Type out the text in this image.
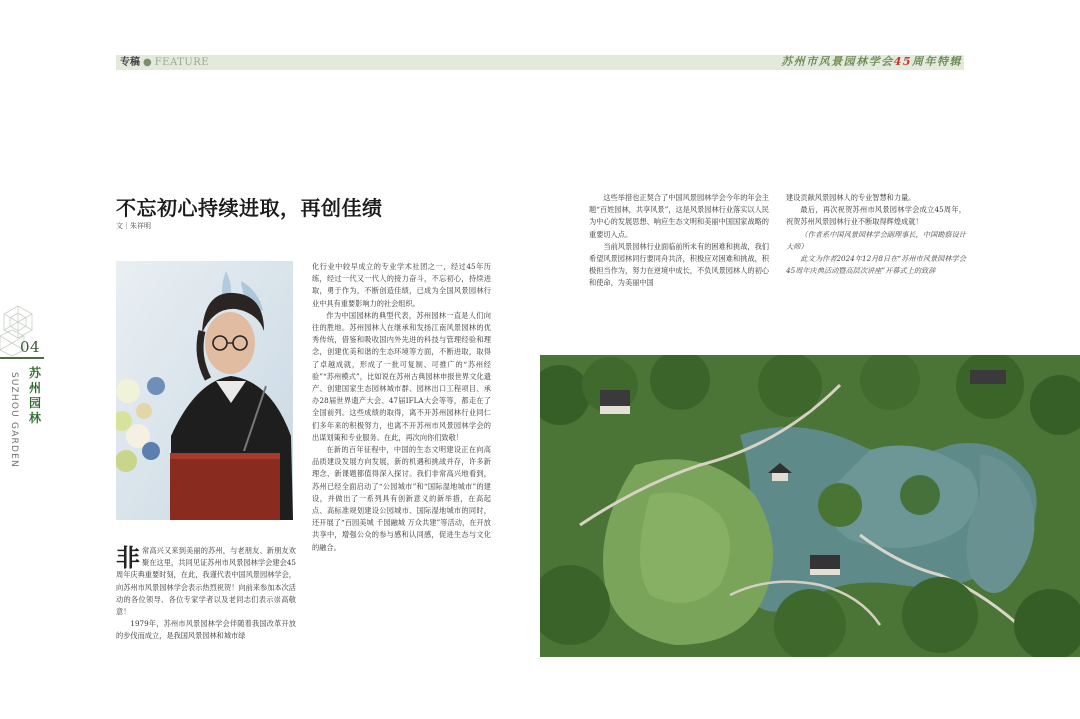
专稿 ● FEATURE	苏州市风景园林学会45周年特辑
04
苏州园林
SUZHOU GARDEN
不忘初心持续进取，再创佳绩
文｜朱祥明

非常高兴又来到美丽的苏州，与老朋友、新朋友欢聚在这里，共同见证苏州市风景园林学会建会45周年庆典重要时刻，在此，我谨代表中国风景园林学会，向苏州市风景园林学会表示热烈祝贺！向前来参加本次活动的各位领导、各位专家学者以及老同志们表示崇高敬意！

1979年，苏州市风景园林学会伴随着我国改革开放的步伐而成立，是我国风景园林和城市绿

化行业中较早成立的专业学术社团之一，经过45年历练，经过一代又一代人的接力奋斗，不忘初心，持续进取，勇于作为，不断创造佳绩，已成为全国风景园林行业中具有重要影响力的社会组织。

作为中国园林的典型代表，苏州园林一直是人们向往的胜地。苏州园林人在继承和发扬江南风景园林的优秀传统，借鉴和吸收国内外先进的科技与管理经验和理念，创建优美和谐的生态环境等方面，不断进取，取得了卓越成就，形成了一批可复制、可推广的“苏州经验”“苏州模式”，比如说在苏州古典园林申报世界文化遗产、创建国家生态园林城市群、园林出口工程项目、承办28届世界遗产大会、47届IFLA大会等等，都走在了全国前列。这些成绩的取得，离不开苏州园林行业同仁们多年来的积极努力，也离不开苏州市风景园林学会的出谋划策和专业服务。在此，再次向你们致敬！

在新的百年征程中，中国的生态文明建设正在向高品质建设发展方向发展，新的机遇和挑战并存，许多新理念、新课题都值得深入探讨。我们非常高兴地看到，苏州已经全面启动了“公园城市”和“国际湿地城市”的建设，并做出了一系列具有创新意义的新举措，在高起点、高标准规划建设公园城市、国际湿地城市的同时，还开展了“百园美城 千园融城 万众共建”等活动，在开放共享中，增强公众的参与感和认同感，促进生态与文化的融合。

这些举措也正契合了中国风景园林学会今年的年会主题“百姓园林，共享风景”，这是风景园林行业落实以人民为中心的发展思想、响应生态文明和美丽中国国家战略的重要切入点。

当前风景园林行业面临前所未有的困难和挑战，我们希望风景园林同行要同舟共济，积极应对困难和挑战，积极担当作为，努力在逆境中成长，不负风景园林人的初心和使命，为美丽中国

建设贡献风景园林人的专业智慧和力量。

最后，再次祝贺苏州市风景园林学会成立45周年，祝贺苏州风景园林行业不断取得辉煌成就！

（作者系中国风景园林学会副理事长，中国勘察设计大师）

此文为作者2024年12月8日在“苏州市风景园林学会45周年庆典活动暨高层次讲座”开幕式上的致辞
